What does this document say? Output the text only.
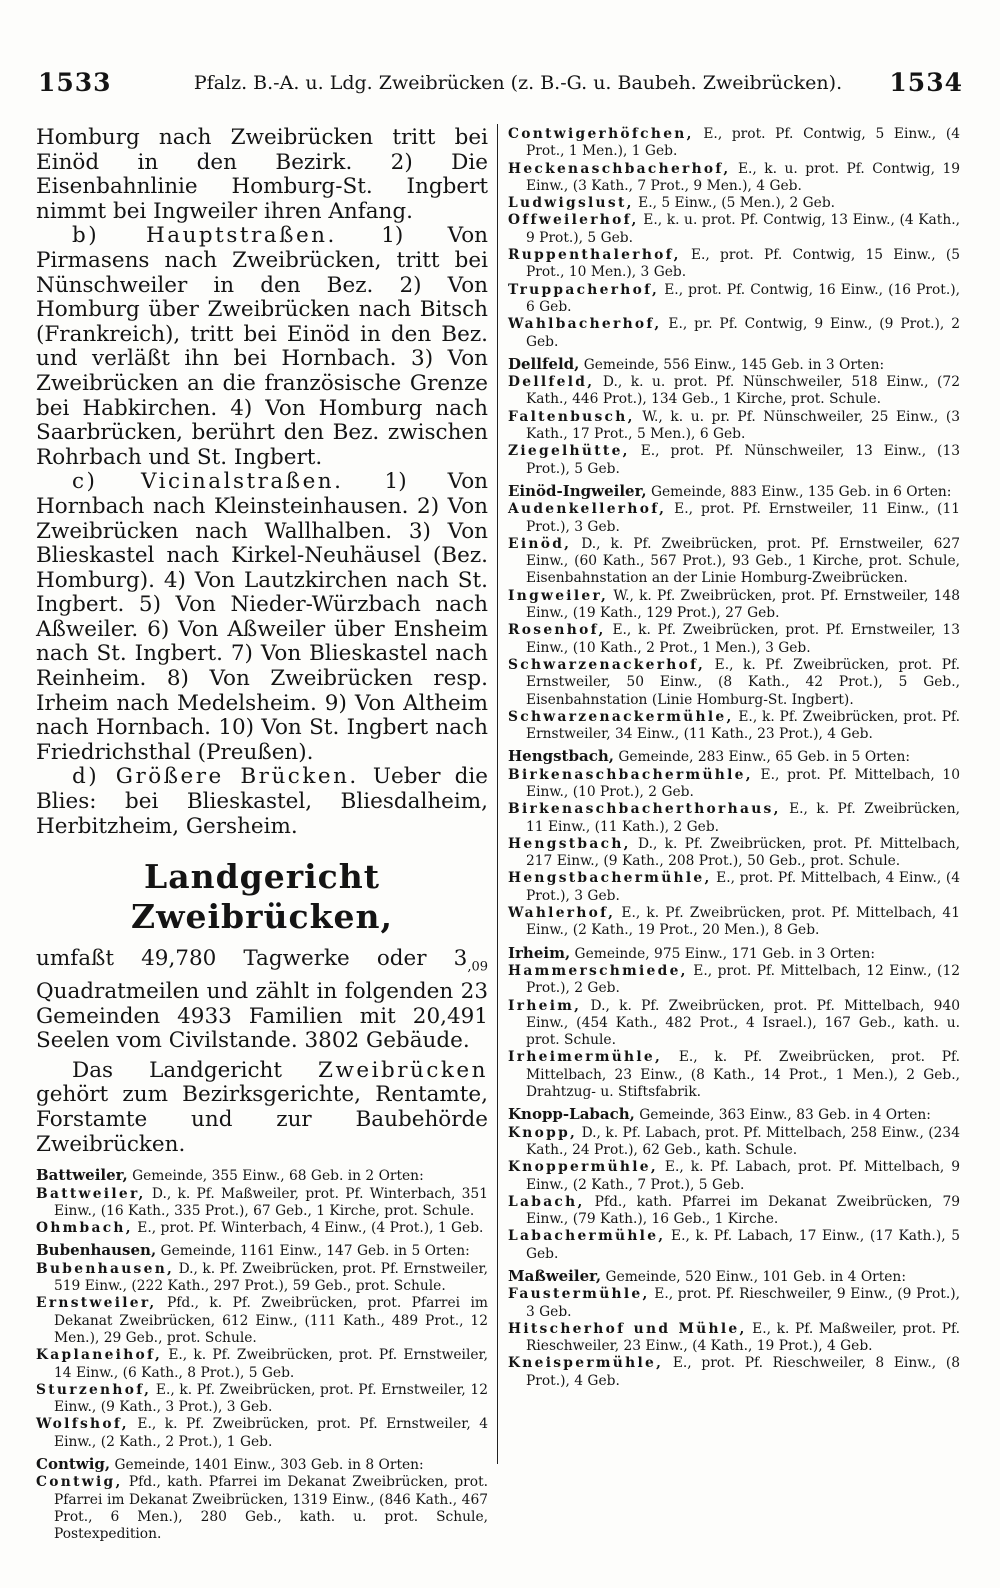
1533	Pfalz. B.-A. u. Ldg. Zweibrücken (z. B.-G. u. Baubeh. Zweibrücken).	1534

Homburg nach Zweibrücken tritt bei Einöd in den Bezirk. 2) Die Eisenbahnlinie Homburg-St. Ingbert nimmt bei Ingweiler ihren Anfang.

b) Hauptstraßen. 1) Von Pirmasens nach Zweibrücken, tritt bei Nünschweiler in den Bez. 2) Von Homburg über Zweibrücken nach Bitsch (Frankreich), tritt bei Einöd in den Bez. und verläßt ihn bei Hornbach. 3) Von Zweibrücken an die französische Grenze bei Habkirchen. 4) Von Homburg nach Saarbrücken, berührt den Bez. zwischen Rohrbach und St. Ingbert.

c) Vicinalstraßen. 1) Von Hornbach nach Kleinsteinhausen. 2) Von Zweibrücken nach Wallhalben. 3) Von Blieskastel nach Kirkel-Neuhäusel (Bez. Homburg). 4) Von Lautzkirchen nach St. Ingbert. 5) Von Nieder-Würzbach nach Aßweiler. 6) Von Aßweiler über Ensheim nach St. Ingbert. 7) Von Blieskastel nach Reinheim. 8) Von Zweibrücken resp. Irheim nach Medelsheim. 9) Von Altheim nach Hornbach. 10) Von St. Ingbert nach Friedrichsthal (Preußen).

d) Größere Brücken. Ueber die Blies: bei Blieskastel, Bliesdalheim, Herbitzheim, Gersheim.

Landgericht Zweibrücken,

umfaßt 49,780 Tagwerke oder $3_{,09}$ Quadratmeilen und zählt in folgenden 23 Gemeinden 4933 Familien mit 20,491 Seelen vom Civilstande. 3802 Gebäude.

Das Landgericht Zweibrücken gehört zum Bezirksgerichte, Rentamte, Forstamte und zur Baubehörde Zweibrücken.

Battweiler, Gemeinde, 355 Einw., 68 Geb. in 2 Orten:

Battweiler, D., k. Pf. Maßweiler, prot. Pf. Winterbach, 351 Einw., (16 Kath., 335 Prot.), 67 Geb., 1 Kirche, prot. Schule.

Ohmbach, E., prot. Pf. Winterbach, 4 Einw., (4 Prot.), 1 Geb.

Bubenhausen, Gemeinde, 1161 Einw., 147 Geb. in 5 Orten:

Bubenhausen, D., k. Pf. Zweibrücken, prot. Pf. Ernstweiler, 519 Einw., (222 Kath., 297 Prot.), 59 Geb., prot. Schule.

Ernstweiler, Pfd., k. Pf. Zweibrücken, prot. Pfarrei im Dekanat Zweibrücken, 612 Einw., (111 Kath., 489 Prot., 12 Men.), 29 Geb., prot. Schule.

Kaplaneihof, E., k. Pf. Zweibrücken, prot. Pf. Ernstweiler, 14 Einw., (6 Kath., 8 Prot.), 5 Geb.

Sturzenhof, E., k. Pf. Zweibrücken, prot. Pf. Ernstweiler, 12 Einw., (9 Kath., 3 Prot.), 3 Geb.

Wolfshof, E., k. Pf. Zweibrücken, prot. Pf. Ernstweiler, 4 Einw., (2 Kath., 2 Prot.), 1 Geb.

Contwig, Gemeinde, 1401 Einw., 303 Geb. in 8 Orten:

Contwig, Pfd., kath. Pfarrei im Dekanat Zweibrücken, prot. Pfarrei im Dekanat Zweibrücken, 1319 Einw., (846 Kath., 467 Prot., 6 Men.), 280 Geb., kath. u. prot. Schule, Postexpedition.

Contwigerhöfchen, E., prot. Pf. Contwig, 5 Einw., (4 Prot., 1 Men.), 1 Geb.

Heckenaschbacherhof, E., k. u. prot. Pf. Contwig, 19 Einw., (3 Kath., 7 Prot., 9 Men.), 4 Geb.

Ludwigslust, E., 5 Einw., (5 Men.), 2 Geb.

Offweilerhof, E., k. u. prot. Pf. Contwig, 13 Einw., (4 Kath., 9 Prot.), 5 Geb.

Ruppenthalerhof, E., prot. Pf. Contwig, 15 Einw., (5 Prot., 10 Men.), 3 Geb.

Truppacherhof, E., prot. Pf. Contwig, 16 Einw., (16 Prot.), 6 Geb.

Wahlbacherhof, E., pr. Pf. Contwig, 9 Einw., (9 Prot.), 2 Geb.

Dellfeld, Gemeinde, 556 Einw., 145 Geb. in 3 Orten:

Dellfeld, D., k. u. prot. Pf. Nünschweiler, 518 Einw., (72 Kath., 446 Prot.), 134 Geb., 1 Kirche, prot. Schule.

Faltenbusch, W., k. u. pr. Pf. Nünschweiler, 25 Einw., (3 Kath., 17 Prot., 5 Men.), 6 Geb.

Ziegelhütte, E., prot. Pf. Nünschweiler, 13 Einw., (13 Prot.), 5 Geb.

Einöd-Ingweiler, Gemeinde, 883 Einw., 135 Geb. in 6 Orten:

Audenkellerhof, E., prot. Pf. Ernstweiler, 11 Einw., (11 Prot.), 3 Geb.

Einöd, D., k. Pf. Zweibrücken, prot. Pf. Ernstweiler, 627 Einw., (60 Kath., 567 Prot.), 93 Geb., 1 Kirche, prot. Schule, Eisenbahnstation an der Linie Homburg-Zweibrücken.

Ingweiler, W., k. Pf. Zweibrücken, prot. Pf. Ernstweiler, 148 Einw., (19 Kath., 129 Prot.), 27 Geb.

Rosenhof, E., k. Pf. Zweibrücken, prot. Pf. Ernstweiler, 13 Einw., (10 Kath., 2 Prot., 1 Men.), 3 Geb.

Schwarzenackerhof, E., k. Pf. Zweibrücken, prot. Pf. Ernstweiler, 50 Einw., (8 Kath., 42 Prot.), 5 Geb., Eisenbahnstation (Linie Homburg-St. Ingbert).

Schwarzenackermühle, E., k. Pf. Zweibrücken, prot. Pf. Ernstweiler, 34 Einw., (11 Kath., 23 Prot.), 4 Geb.

Hengstbach, Gemeinde, 283 Einw., 65 Geb. in 5 Orten:

Birkenaschbachermühle, E., prot. Pf. Mittelbach, 10 Einw., (10 Prot.), 2 Geb.

Birkenaschbacherthorhaus, E., k. Pf. Zweibrücken, 11 Einw., (11 Kath.), 2 Geb.

Hengstbach, D., k. Pf. Zweibrücken, prot. Pf. Mittelbach, 217 Einw., (9 Kath., 208 Prot.), 50 Geb., prot. Schule.

Hengstbachermühle, E., prot. Pf. Mittelbach, 4 Einw., (4 Prot.), 3 Geb.

Wahlerhof, E., k. Pf. Zweibrücken, prot. Pf. Mittelbach, 41 Einw., (2 Kath., 19 Prot., 20 Men.), 8 Geb.

Irheim, Gemeinde, 975 Einw., 171 Geb. in 3 Orten:

Hammerschmiede, E., prot. Pf. Mittelbach, 12 Einw., (12 Prot.), 2 Geb.

Irheim, D., k. Pf. Zweibrücken, prot. Pf. Mittelbach, 940 Einw., (454 Kath., 482 Prot., 4 Israel.), 167 Geb., kath. u. prot. Schule.

Irheimermühle, E., k. Pf. Zweibrücken, prot. Pf. Mittelbach, 23 Einw., (8 Kath., 14 Prot., 1 Men.), 2 Geb., Drahtzug- u. Stiftsfabrik.

Knopp-Labach, Gemeinde, 363 Einw., 83 Geb. in 4 Orten:

Knopp, D., k. Pf. Labach, prot. Pf. Mittelbach, 258 Einw., (234 Kath., 24 Prot.), 62 Geb., kath. Schule.

Knoppermühle, E., k. Pf. Labach, prot. Pf. Mittelbach, 9 Einw., (2 Kath., 7 Prot.), 5 Geb.

Labach, Pfd., kath. Pfarrei im Dekanat Zweibrücken, 79 Einw., (79 Kath.), 16 Geb., 1 Kirche.

Labachermühle, E., k. Pf. Labach, 17 Einw., (17 Kath.), 5 Geb.

Maßweiler, Gemeinde, 520 Einw., 101 Geb. in 4 Orten:

Faustermühle, E., prot. Pf. Rieschweiler, 9 Einw., (9 Prot.), 3 Geb.

Hitscherhof und Mühle, E., k. Pf. Maßweiler, prot. Pf. Rieschweiler, 23 Einw., (4 Kath., 19 Prot.), 4 Geb.

Kneispermühle, E., prot. Pf. Rieschweiler, 8 Einw., (8 Prot.), 4 Geb.
